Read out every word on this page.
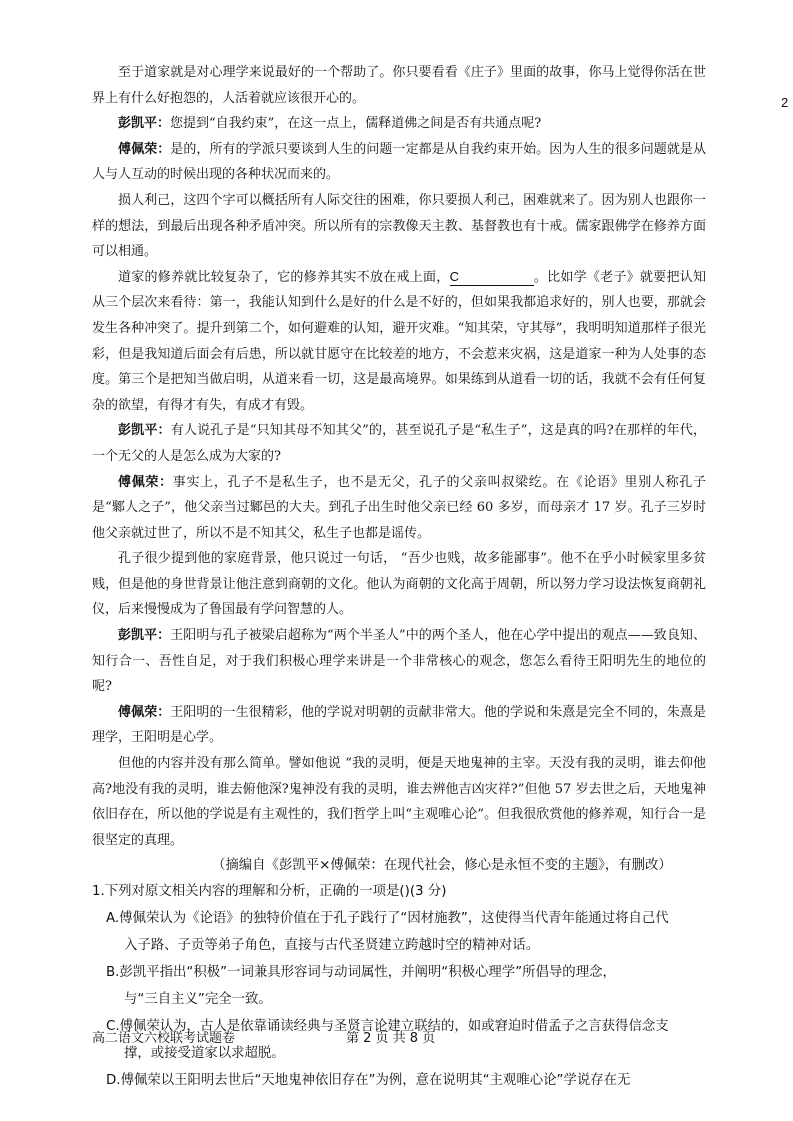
2

至于道家就是对心理学来说最好的一个帮助了。你只要看看《庄子》里面的故事，你马上觉得你活在世界上有什么好抱怨的，人活着就应该很开心的。

彭凯平：您提到“自我约束”，在这一点上，儒释道佛之间是否有共通点呢?

傅佩荣：是的，所有的学派只要谈到人生的问题一定都是从自我约束开始。因为人生的很多问题就是从人与人互动的时候出现的各种状况而来的。

损人利己，这四个字可以概括所有人际交往的困难，你只要损人利己，困难就来了。因为别人也跟你一样的想法，到最后出现各种矛盾冲突。所以所有的宗教像天主教、基督教也有十戒。儒家跟佛学在修养方面可以相通。

道家的修养就比较复杂了，它的修养其实不放在戒上面，C	。比如学《老子》就要把认知从三个层次来看待：第一，我能认知到什么是好的什么是不好的，但如果我都追求好的，别人也要，那就会发生各种冲突了。提升到第二个，如何避难的认知，避开灾难。“知其荣，守其辱”，我明明知道那样子很光彩，但是我知道后面会有后患，所以就甘愿守在比较差的地方，不会惹来灾祸，这是道家一种为人处事的态度。第三个是把知当做启明，从道来看一切，这是最高境界。如果练到从道看一切的话，我就不会有任何复杂的欲望，有得才有失，有成才有毁。

彭凯平：有人说孔子是“只知其母不知其父”的，甚至说孔子是“私生子”，这是真的吗?在那样的年代，一个无父的人是怎么成为大家的?

傅佩荣：事实上，孔子不是私生子，也不是无父，孔子的父亲叫叔梁纥。在《论语》里别人称孔子是“鄹人之子”，他父亲当过鄹邑的大夫。到孔子出生时他父亲已经 60 多岁，而母亲才 17 岁。孔子三岁时他父亲就过世了，所以不是不知其父，私生子也都是谣传。

孔子很少提到他的家庭背景，他只说过一句话， “吾少也贱，故多能鄙事”。他不在乎小时候家里多贫贱，但是他的身世背景让他注意到商朝的文化。他认为商朝的文化高于周朝，所以努力学习设法恢复商朝礼仪，后来慢慢成为了鲁国最有学问智慧的人。

彭凯平：王阳明与孔子被梁启超称为“两个半圣人”中的两个圣人，他在心学中提出的观点——致良知、知行合一、吾性自足，对于我们积极心理学来讲是一个非常核心的观念，您怎么看待王阳明先生的地位的呢?

傅佩荣：王阳明的一生很精彩，他的学说对明朝的贡献非常大。他的学说和朱熹是完全不同的，朱熹是理学，王阳明是心学。

但他的内容并没有那么简单。譬如他说 “我的灵明，便是天地鬼神的主宰。天没有我的灵明，谁去仰他高?地没有我的灵明，谁去俯他深?鬼神没有我的灵明，谁去辨他吉凶灾祥?”但他 57 岁去世之后，天地鬼神依旧存在，所以他的学说是有主观性的，我们哲学上叫“主观唯心论”。但我很欣赏他的修养观，知行合一是很坚定的真理。

（摘编自《彭凯平×傅佩荣：在现代社会，修心是永恒不变的主题》，有删改）

1.下列对原文相关内容的理解和分析，正确的一项是()(3 分)

A.傅佩荣认为《论语》的独特价值在于孔子践行了“因材施教”，这使得当代青年能通过将自己代
入子路、子贡等弟子角色，直接与古代圣贤建立跨越时空的精神对话。

B.彭凯平指出“积极”一词兼具形容词与动词属性，并阐明“积极心理学”所倡导的理念，
与“三自主义”完全一致。

C.傅佩荣认为，古人是依靠诵读经典与圣贤言论建立联结的，如或窘迫时借孟子之言获得信念支
撑，或接受道家以求超脱。

D.傅佩荣以王阳明去世后“天地鬼神依旧存在”为例，意在说明其“主观唯心论”学说存在无

高二语文六校联考试题卷	第 2 页 共 8 页
